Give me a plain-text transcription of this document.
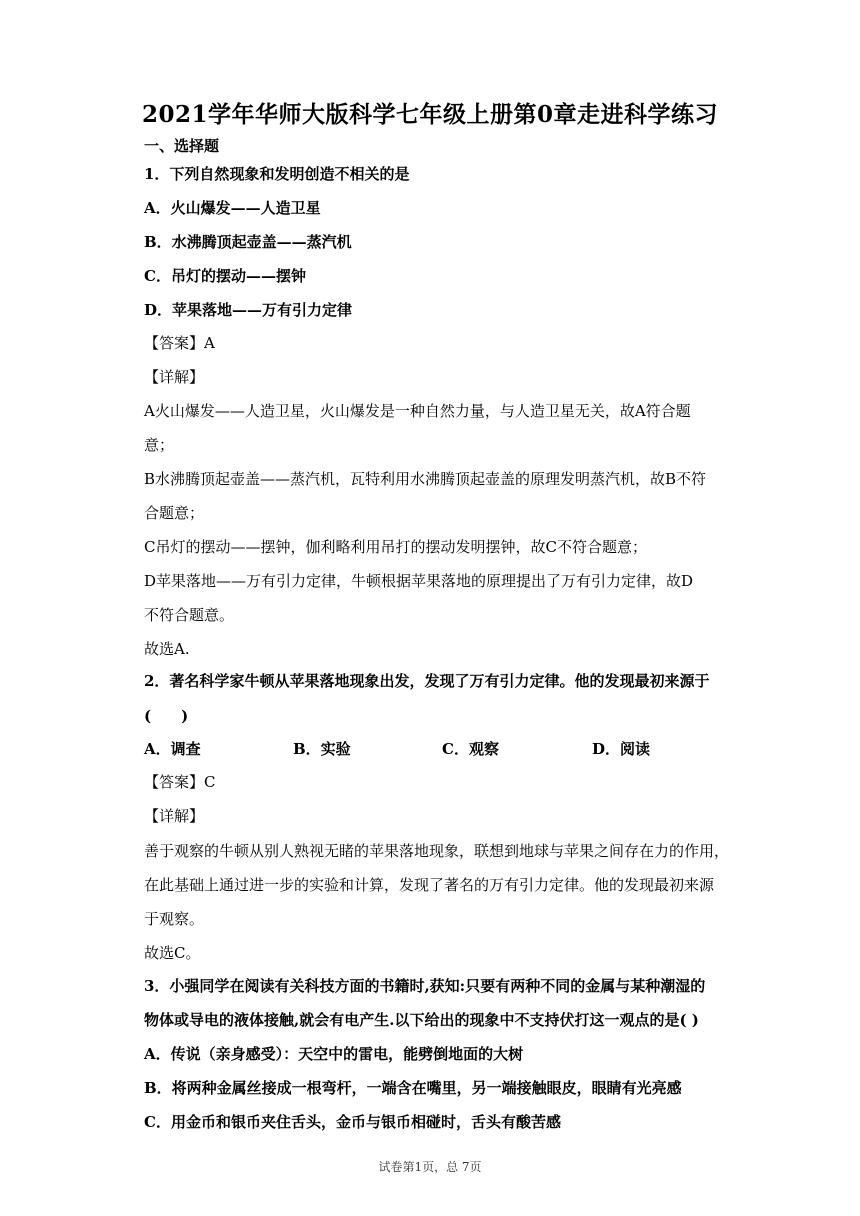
2021学年华师大版科学七年级上册第0章走进科学练习
一、选择题
1．下列自然现象和发明创造不相关的是
A．火山爆发——人造卫星
B．水沸腾顶起壶盖——蒸汽机
C．吊灯的摆动——摆钟
D．苹果落地——万有引力定律
【答案】A
【详解】
A火山爆发——人造卫星，火山爆发是一种自然力量，与人造卫星无关，故A符合题
意；
B水沸腾顶起壶盖——蒸汽机，瓦特利用水沸腾顶起壶盖的原理发明蒸汽机，故B不符
合题意；
C吊灯的摆动——摆钟，伽利略利用吊打的摆动发明摆钟，故C不符合题意；
D苹果落地——万有引力定律，牛顿根据苹果落地的原理提出了万有引力定律，故D
不符合题意。
故选A.
2．著名科学家牛顿从苹果落地现象出发，发现了万有引力定律。他的发现最初来源于
(　　)
A．调查	B．实验	C．观察	D．阅读
【答案】C
【详解】
善于观察的牛顿从别人熟视无睹的苹果落地现象，联想到地球与苹果之间存在力的作用，
在此基础上通过进一步的实验和计算，发现了著名的万有引力定律。他的发现最初来源
于观察。
故选C。
3．小强同学在阅读有关科技方面的书籍时,获知:只要有两种不同的金属与某种潮湿的
物体或导电的液体接触,就会有电产生.以下给出的现象中不支持伏打这一观点的是( )
A．传说（亲身感受）：天空中的雷电，能劈倒地面的大树
B．将两种金属丝接成一根弯杆，一端含在嘴里，另一端接触眼皮，眼睛有光亮感
C．用金币和银币夹住舌头，金币与银币相碰时，舌头有酸苦感
试卷第1页，总 7页
